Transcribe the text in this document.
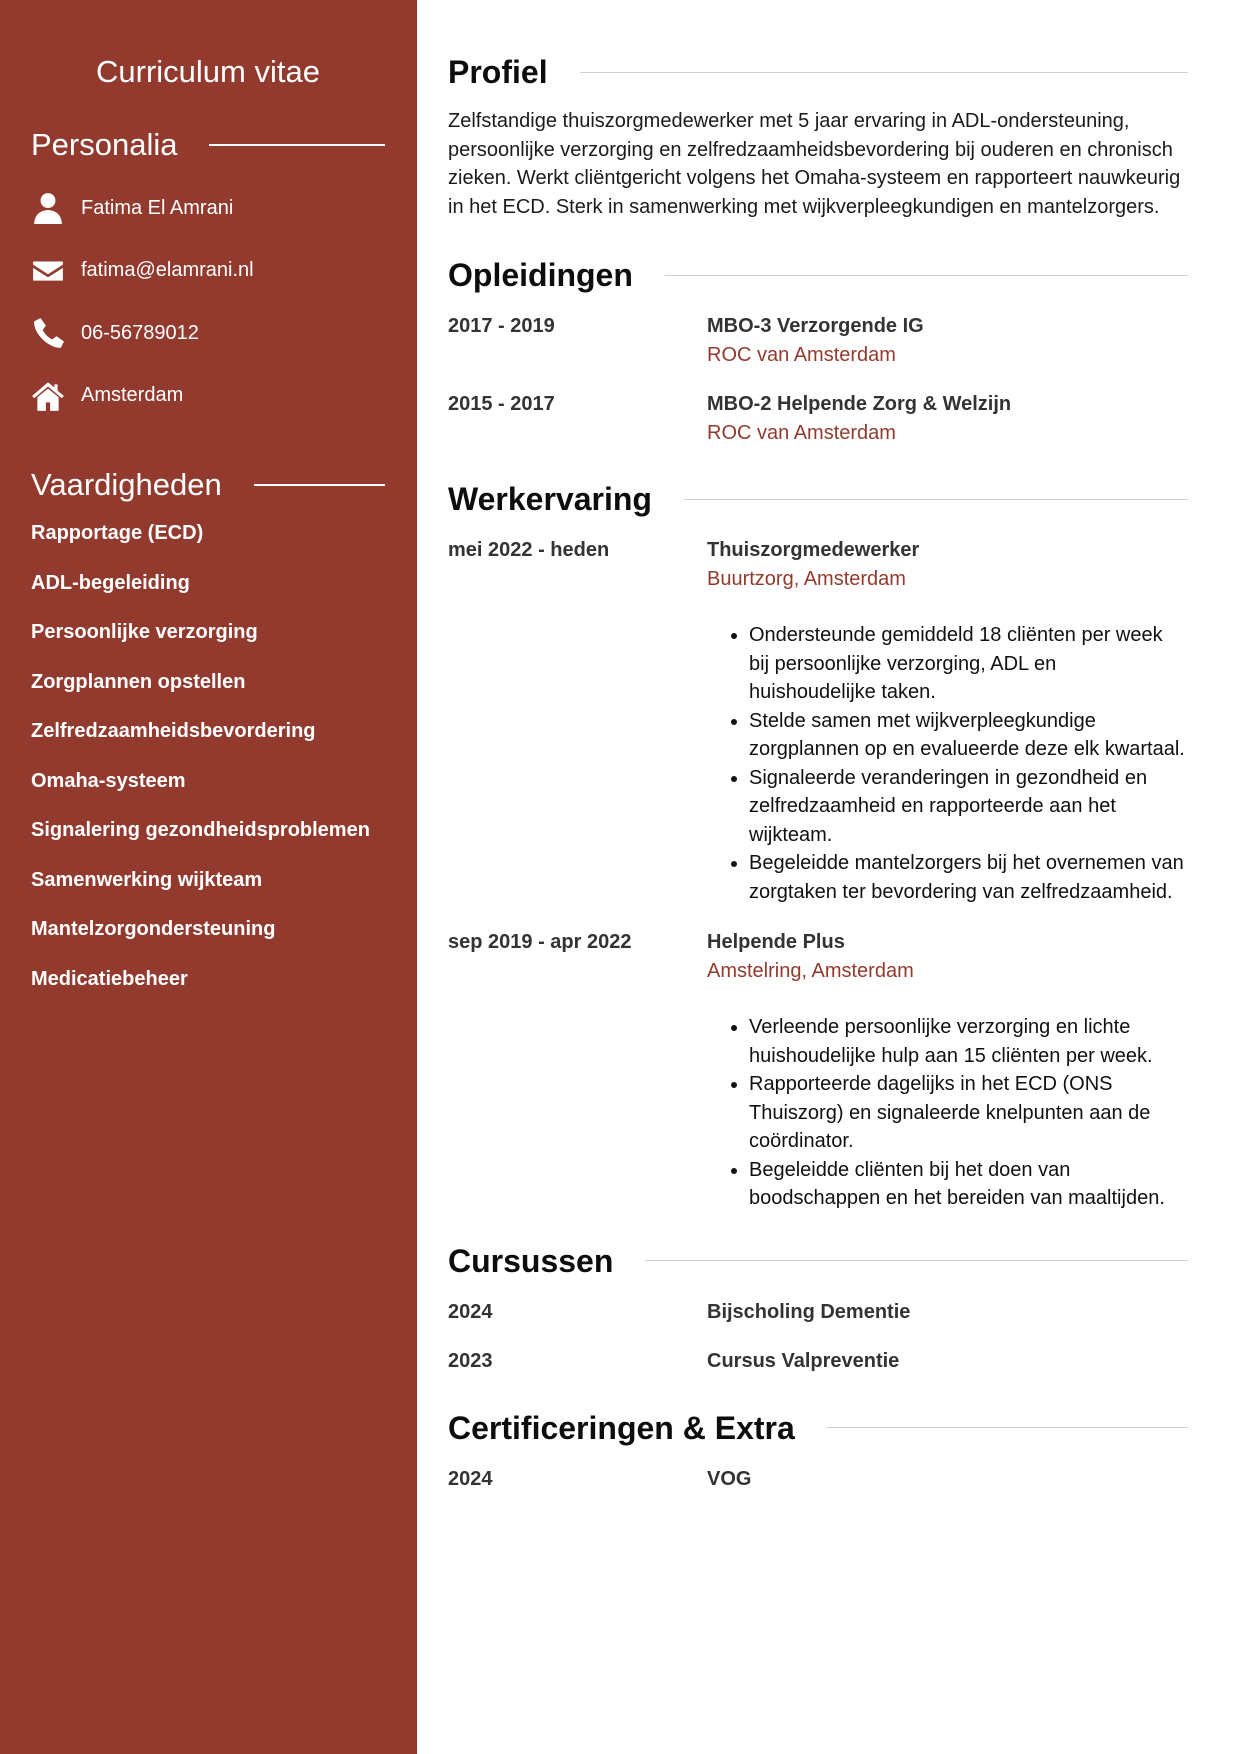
Curriculum vitae
Personalia
Fatima El Amrani
fatima@elamrani.nl
06-56789012
Amsterdam
Vaardigheden
Rapportage (ECD)
ADL-begeleiding
Persoonlijke verzorging
Zorgplannen opstellen
Zelfredzaamheidsbevordering
Omaha-systeem
Signalering gezondheidsproblemen
Samenwerking wijkteam
Mantelzorgondersteuning
Medicatiebeheer
Profiel

Zelfstandige thuiszorgmedewerker met 5 jaar ervaring in ADL-ondersteuning, persoonlijke verzorging en zelfredzaamheidsbevordering bij ouderen en chronisch zieken. Werkt cliëntgericht volgens het Omaha-systeem en rapporteert nauwkeurig in het ECD. Sterk in samenwerking met wijkverpleegkundigen en mantelzorgers.

Opleidingen
2017 - 2019	MBO-3 Verzorgende IG
ROC van Amsterdam
2015 - 2017	MBO-2 Helpende Zorg & Welzijn
ROC van Amsterdam
Werkervaring
mei 2022 - heden	Thuiszorgmedewerker
Buurtzorg, Amsterdam
• Ondersteunde gemiddeld 18 cliënten per week bij persoonlijke verzorging, ADL en huishoudelijke taken.
• Stelde samen met wijkverpleegkundige zorgplannen op en evalueerde deze elk kwartaal.
• Signaleerde veranderingen in gezondheid en zelfredzaamheid en rapporteerde aan het wijkteam.
• Begeleidde mantelzorgers bij het overnemen van zorgtaken ter bevordering van zelfredzaamheid.
sep 2019 - apr 2022	Helpende Plus
Amstelring, Amsterdam
• Verleende persoonlijke verzorging en lichte huishoudelijke hulp aan 15 cliënten per week.
• Rapporteerde dagelijks in het ECD (ONS Thuiszorg) en signaleerde knelpunten aan de coördinator.
• Begeleidde cliënten bij het doen van boodschappen en het bereiden van maaltijden.
Cursussen
2024	Bijscholing Dementie
2023	Cursus Valpreventie
Certificeringen & Extra
2024	VOG
